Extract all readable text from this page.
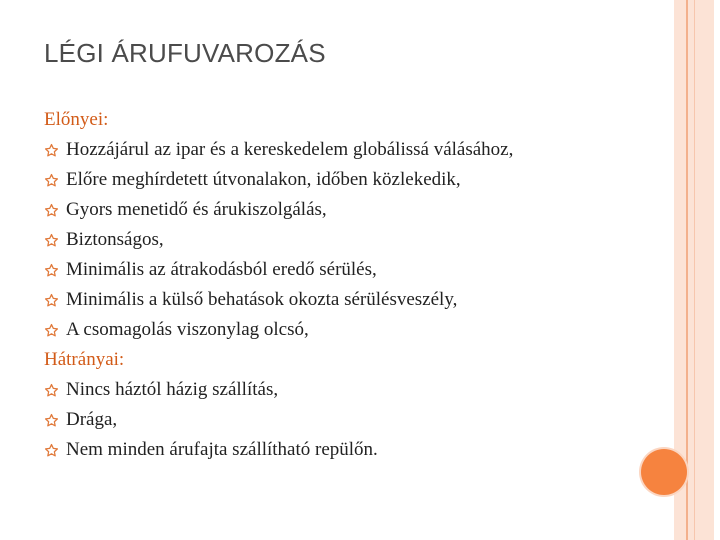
LÉGI ÁRUFUVAROZÁS
Előnyei:
Hozzájárul az ipar és a kereskedelem globálissá válásához,
Előre meghírdetett útvonalakon, időben közlekedik,
Gyors menetidő és árukiszolgálás,
Biztonságos,
Minimális az átrakodásból eredő sérülés,
Minimális a külső behatások okozta sérülésveszély,
A csomagolás viszonylag olcsó,
Hátrányai:
Nincs háztól házig szállítás,
Drága,
Nem minden árufajta szállítható repülőn.
